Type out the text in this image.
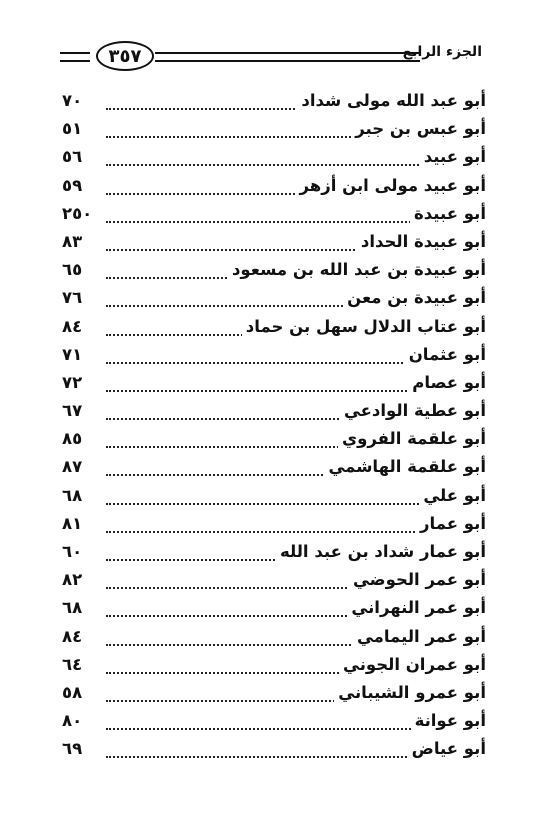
٣٥٧	الجزء الرابع
أبو عبد الله مولى شداد
٧٠
أبو عبس بن جبر
٥١
أبو عبيد
٥٦
أبو عبيد مولى ابن أزهر
٥٩
أبو عبيدة
٢٥٠
أبو عبيدة الحداد
٨٣
أبو عبيدة بن عبد الله بن مسعود
٦٥
أبو عبيدة بن معن
٧٦
أبو عتاب الدلال سهل بن حماد
٨٤
أبو عثمان
٧١
أبو عصام
٧٢
أبو عطية الوادعي
٦٧
أبو علقمة الفروي
٨٥
أبو علقمة الهاشمي
٨٧
أبو علي
٦٨
أبو عمار
٨١
أبو عمار شداد بن عبد الله
٦٠
أبو عمر الحوضي
٨٢
أبو عمر النهراني
٦٨
أبو عمر اليمامي
٨٤
أبو عمران الجوني
٦٤
أبو عمرو الشيباني
٥٨
أبو عوانة
٨٠
أبو عياض
٦٩
